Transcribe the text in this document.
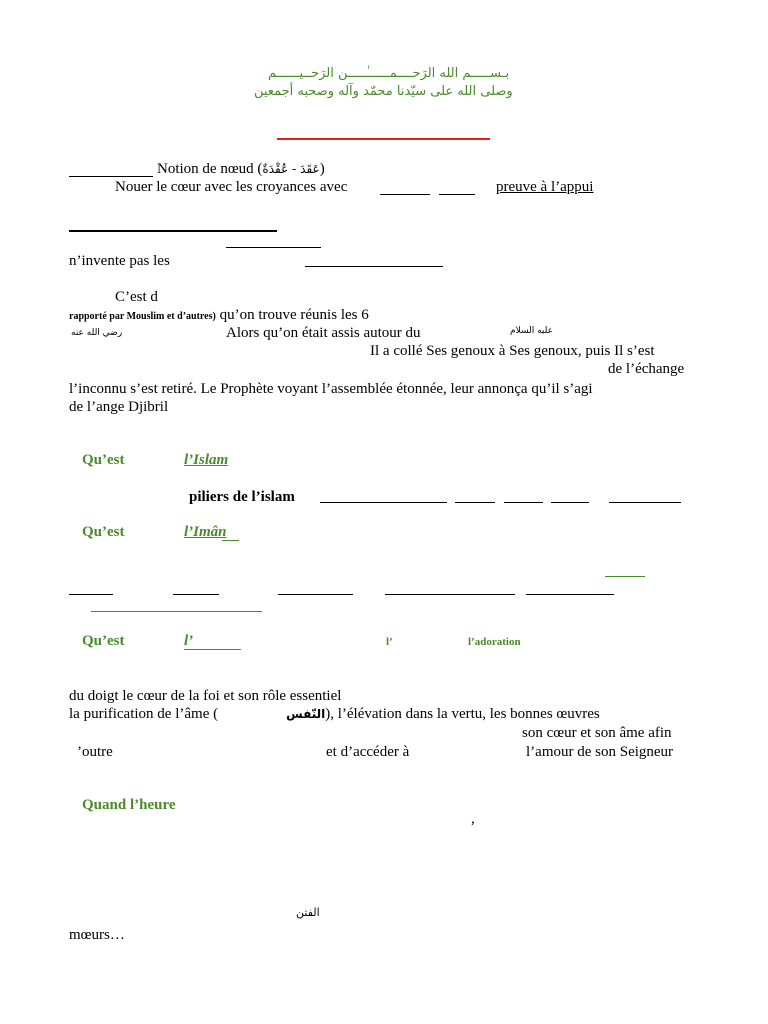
بـســـــم الله الرَحــــمــــــٰـــــن الرَحــيــــــم
وصلى الله على سيّدنا محمّد وآله وصحبه أجمعين
Notion de nœud (عَقَدَ - عُقْدَةٌ)
Nouer le cœur avec les croyances avec	preuve à l’appui
n’invente pas les
C’est d
rapporté par Mouslim et d’autres) qu’on trouve réunis les 6
رضي الله عنه	Alors qu’on était assis autour du	عليه السلام
Il a collé Ses genoux à Ses genoux, puis Il s’est
de l’échange
l’inconnu s’est retiré. Le Prophète voyant l’assemblée étonnée, leur annonça qu’il s’agi
de l’ange Djibril
Qu’est	l’Islam
piliers de l’islam
Qu’est	l’Imân
Qu’est	l’	l’	l’adoration
du doigt le cœur de la foi et son rôle essentiel
la purification de l’âme (	النّفس), l’élévation dans la vertu, les bonnes œuvres
son cœur et son âme afin
’outre	et d’accéder à	l’amour de son Seigneur
Quand l’heure
,
الفتن
mœurs…
